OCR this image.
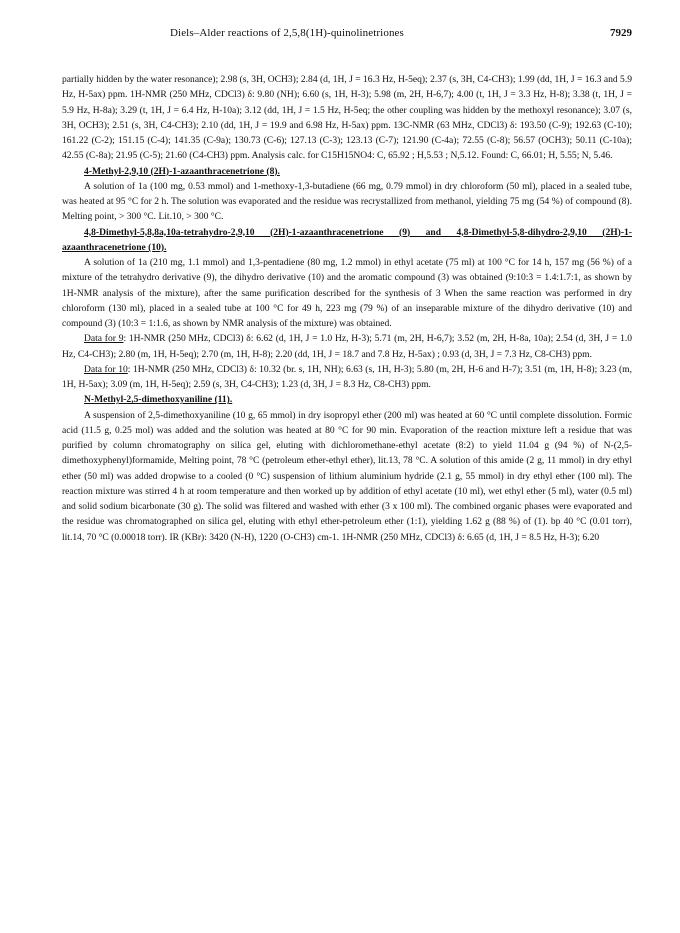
Diels–Alder reactions of 2,5,8(1H)-quinolinetriones	7929

partially hidden by the water resonance); 2.98 (s, 3H, OCH3); 2.84 (d, 1H, J = 16.3 Hz, H-5eq); 2.37 (s, 3H, C4-CH3); 1.99 (dd, 1H, J = 16.3 and 5.9 Hz, H-5ax) ppm. 1H-NMR (250 MHz, CDCl3) δ: 9.80 (NH); 6.60 (s, 1H, H-3); 5.98 (m, 2H, H-6,7); 4.00 (t, 1H, J = 3.3 Hz, H-8); 3.38 (t, 1H, J = 5.9 Hz, H-8a); 3.29 (t, 1H, J = 6.4 Hz, H-10a); 3.12 (dd, 1H, J = 1.5 Hz, H-5eq; the other coupling was hidden by the methoxyl resonance); 3.07 (s, 3H, OCH3); 2.51 (s, 3H, C4-CH3); 2.10 (dd, 1H, J = 19.9 and 6.98 Hz, H-5ax) ppm. 13C-NMR (63 MHz, CDCl3) δ: 193.50 (C-9); 192.63 (C-10); 161.22 (C-2); 151.15 (C-4); 141.35 (C-9a); 130.73 (C-6); 127.13 (C-3); 123.13 (C-7); 121.90 (C-4a); 72.55 (C-8); 56.57 (OCH3); 50.11 (C-10a); 42.55 (C-8a); 21.95 (C-5); 21.60 (C4-CH3) ppm. Analysis calc. for C15H15NO4: C, 65.92 ; H,5.53 ; N,5.12. Found: C, 66.01; H, 5.55; N, 5.46.

4-Methyl-2,9,10 (2H)-1-azaanthracenetrione (8).

A solution of 1a (100 mg, 0.53 mmol) and 1-methoxy-1,3-butadiene (66 mg, 0.79 mmol) in dry chloroform (50 ml), placed in a sealed tube, was heated at 95 °C for 2 h. The solution was evaporated and the residue was recrystallized from methanol, yielding 75 mg (54 %) of compound (8). Melting point, > 300 °C. Lit.10, > 300 °C.

4,8-Dimethyl-5,8,8a,10a-tetrahydro-2,9,10 (2H)-1-azaanthracenetrione (9) and 4,8-Dimethyl-5,8-dihydro-2,9,10 (2H)-1-azaanthracenetrione (10).

A solution of 1a (210 mg, 1.1 mmol) and 1,3-pentadiene (80 mg, 1.2 mmol) in ethyl acetate (75 ml) at 100 °C for 14 h, 157 mg (56 %) of a mixture of the tetrahydro derivative (9), the dihydro derivative (10) and the aromatic compound (3) was obtained (9:10:3 = 1.4:1.7:1, as shown by 1H-NMR analysis of the mixture), after the same purification described for the synthesis of 3 When the same reaction was performed in dry chloroform (130 ml), placed in a sealed tube at 100 °C for 49 h, 223 mg (79 %) of an inseparable mixture of the dihydro derivative (10) and compound (3) (10:3 = 1:1.6, as shown by NMR analysis of the mixture) was obtained.

Data for 9: 1H-NMR (250 MHz, CDCl3) δ: 6.62 (d, 1H, J = 1.0 Hz, H-3); 5.71 (m, 2H, H-6,7); 3.52 (m, 2H, H-8a, 10a); 2.54 (d, 3H, J = 1.0 Hz, C4-CH3); 2.80 (m, 1H, H-5eq); 2.70 (m, 1H, H-8); 2.20 (dd, 1H, J = 18.7 and 7.8 Hz, H-5ax) ; 0.93 (d, 3H, J = 7.3 Hz, C8-CH3) ppm.

Data for 10: 1H-NMR (250 MHz, CDCl3) δ: 10.32 (br. s, 1H, NH); 6.63 (s, 1H, H-3); 5.80 (m, 2H, H-6 and H-7); 3.51 (m, 1H, H-8); 3.23 (m, 1H, H-5ax); 3.09 (m, 1H, H-5eq); 2.59 (s, 3H, C4-CH3); 1.23 (d, 3H, J = 8.3 Hz, C8-CH3) ppm.

N-Methyl-2,5-dimethoxyaniline (11).

A suspension of 2,5-dimethoxyaniline (10 g, 65 mmol) in dry isopropyl ether (200 ml) was heated at 60 °C until complete dissolution. Formic acid (11.5 g, 0.25 mol) was added and the solution was heated at 80 °C for 90 min. Evaporation of the reaction mixture left a residue that was purified by column chromatography on silica gel, eluting with dichloromethane-ethyl acetate (8:2) to yield 11.04 g (94 %) of N-(2,5-dimethoxyphenyl)formamide, Melting point, 78 °C (petroleum ether-ethyl ether), lit.13, 78 °C. A solution of this amide (2 g, 11 mmol) in dry ethyl ether (50 ml) was added dropwise to a cooled (0 °C) suspension of lithium aluminium hydride (2.1 g, 55 mmol) in dry ethyl ether (100 ml). The reaction mixture was stirred 4 h at room temperature and then worked up by addition of ethyl acetate (10 ml), wet ethyl ether (5 ml), water (0.5 ml) and solid sodium bicarbonate (30 g). The solid was filtered and washed with ether (3 x 100 ml). The combined organic phases were evaporated and the residue was chromatographed on silica gel, eluting with ethyl ether-petroleum ether (1:1), yielding 1.62 g (88 %) of (1). bp 40 °C (0.01 torr), lit.14, 70 °C (0.00018 torr). IR (KBr): 3420 (N-H), 1220 (O-CH3) cm-1. 1H-NMR (250 MHz, CDCl3) δ: 6.65 (d, 1H, J = 8.5 Hz, H-3); 6.20
